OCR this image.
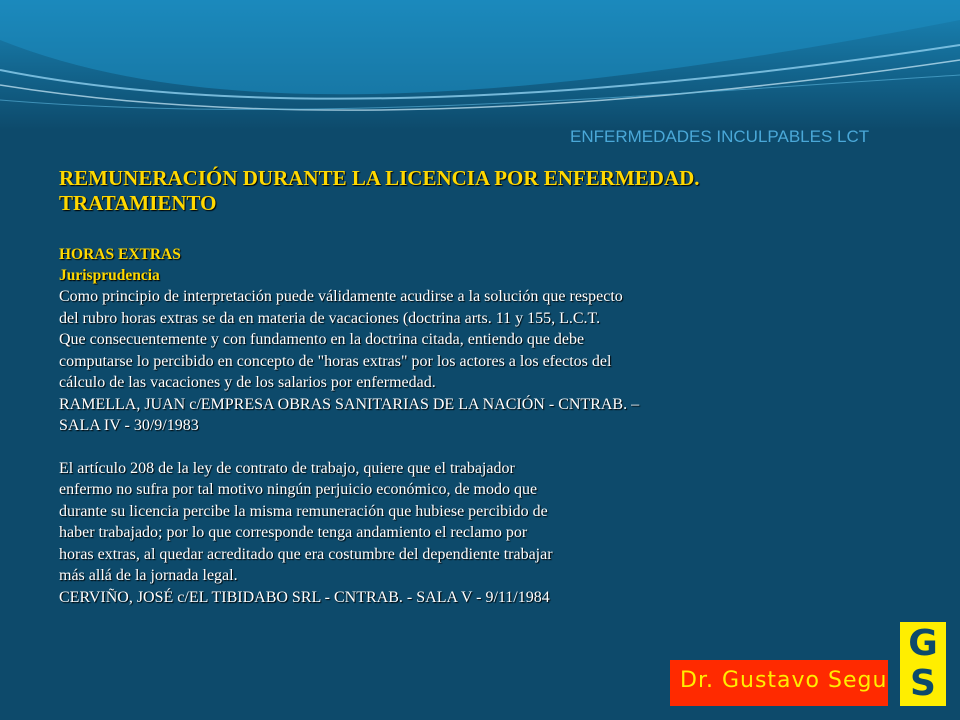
ENFERMEDADES INCULPABLES LCT
REMUNERACIÓN DURANTE LA LICENCIA POR ENFERMEDAD. TRATAMIENTO
HORAS EXTRAS
Jurisprudencia
Como principio de interpretación puede válidamente acudirse a la solución que respecto
del rubro horas extras se da en materia de vacaciones (doctrina arts. 11 y 155, L.C.T.
Que consecuentemente y con fundamento en la doctrina citada, entiendo que debe
computarse lo percibido en concepto de "horas extras" por los actores a los efectos del
cálculo de las vacaciones y de los salarios por enfermedad.
RAMELLA, JUAN c/EMPRESA OBRAS SANITARIAS DE LA NACIÓN - CNTRAB. –
SALA IV - 30/9/1983
El artículo 208 de la ley de contrato de trabajo, quiere que el trabajador
enfermo no sufra por tal motivo ningún perjuicio económico, de modo que
durante su licencia percibe la misma remuneración que hubiese percibido de
haber trabajado; por lo que corresponde tenga andamiento el reclamo por
horas extras, al quedar acreditado que era costumbre del dependiente trabajar
más allá de la jornada legal.
CERVIÑO, JOSÉ c/EL TIBIDABO SRL - CNTRAB. - SALA V - 9/11/1984
Dr. Gustavo Segu
G
S
